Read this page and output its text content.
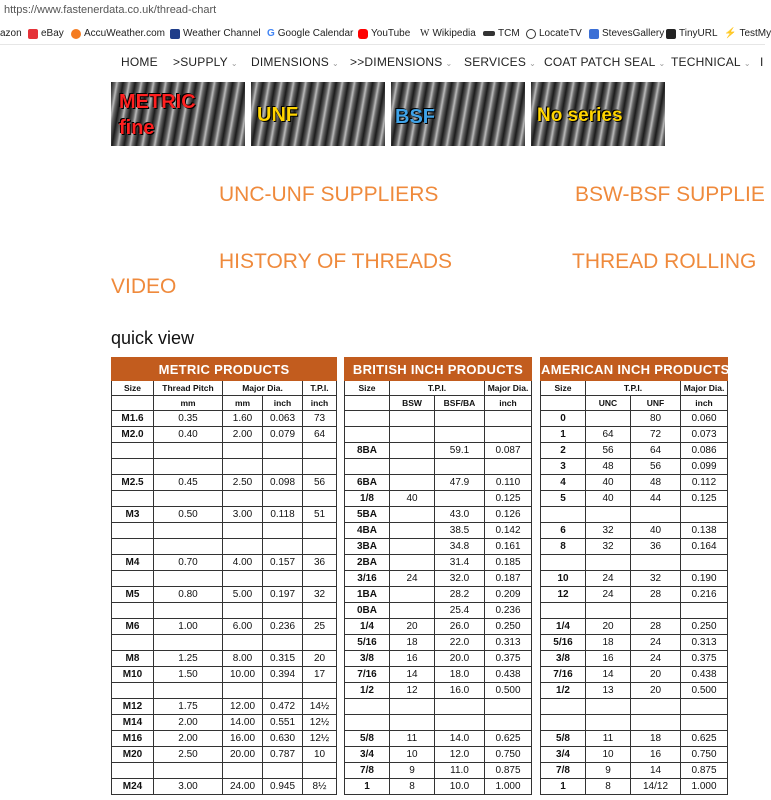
https://www.fastenerdata.co.uk/thread-chart
azon eBay AccuWeather.com Weather Channel G Google Calendar YouTube W Wikipedia TCM LocateTV StevesGallery TinyURL ⚡ TestMy
HOME >SUPPLY ⌄ DIMENSIONS ⌄ >>DIMENSIONS ⌄ SERVICES ⌄ COAT PATCH SEAL ⌄ TECHNICAL ⌄ I
METRIC
fine
UNF	BSF	No series
UNC-UNF SUPPLIERS	BSW-BSF SUPPLIE
HISTORY OF THREADS	THREAD ROLLING
VIDEO
quick view
METRIC PRODUCTS				
Size	Thread Pitch	Major Dia.		T.P.I.
	mm	mm	inch	inch
M1.6	0.35	1.60	0.063	73
M2.0	0.40	2.00	0.079	64

M2.5	0.45	2.50	0.098	56

M3	0.50	3.00	0.118	51

M4	0.70	4.00	0.157	36

M5	0.80	5.00	0.197	32

M6	1.00	6.00	0.236	25

M8	1.25	8.00	0.315	20
M10	1.50	10.00	0.394	17

M12	1.75	12.00	0.472	14½
M14	2.00	14.00	0.551	12½
M16	2.00	16.00	0.630	12½
M20	2.50	20.00	0.787	10

M24	3.00	24.00	0.945	8½
BRITISH INCH PRODUCTS			
Size	T.P.I.		Major Dia.
	BSW	BSF/BA	inch

8BA		59.1	0.087

6BA		47.9	0.110
1/8	40		0.125
5BA		43.0	0.126
4BA		38.5	0.142
3BA		34.8	0.161
2BA		31.4	0.185
3/16	24	32.0	0.187
1BA		28.2	0.209
0BA		25.4	0.236
1/4	20	26.0	0.250
5/16	18	22.0	0.313
3/8	16	20.0	0.375
7/16	14	18.0	0.438
1/2	12	16.0	0.500

5/8	11	14.0	0.625
3/4	10	12.0	0.750
7/8	9	11.0	0.875
1	8	10.0	1.000
AMERICAN INCH PRODUCTS			
Size	T.P.I.		Major Dia.
	UNC	UNF	inch
0		80	0.060
1	64	72	0.073
2	56	64	0.086
3	48	56	0.099
4	40	48	0.112
5	40	44	0.125

6	32	40	0.138
8	32	36	0.164

10	24	32	0.190
12	24	28	0.216

1/4	20	28	0.250
5/16	18	24	0.313
3/8	16	24	0.375
7/16	14	20	0.438
1/2	13	20	0.500

5/8	11	18	0.625
3/4	10	16	0.750
7/8	9	14	0.875
1	8	14/12	1.000
